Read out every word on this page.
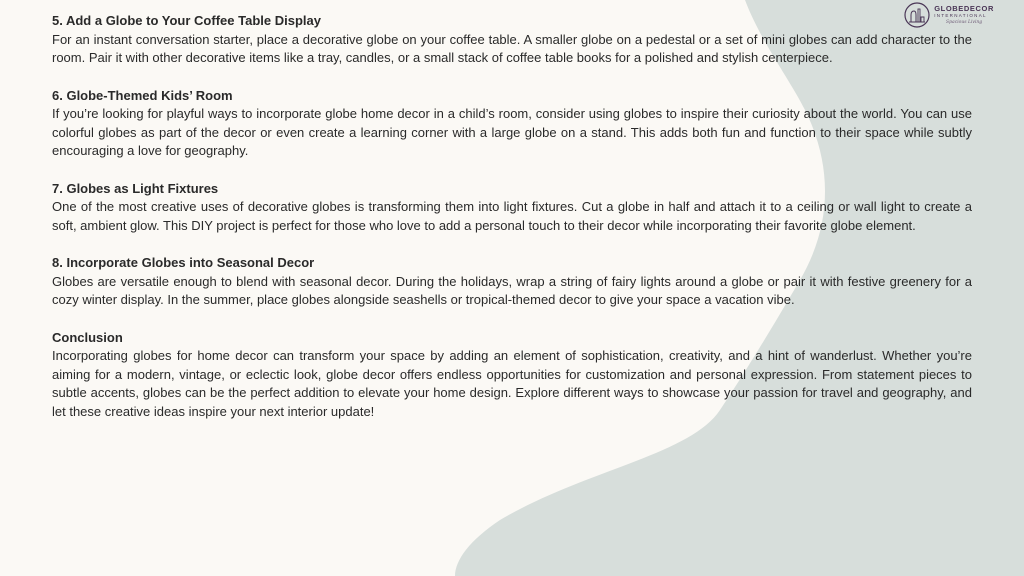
GLOBEDECOR
INTERNATIONAL
Spacious Living

5. Add a Globe to Your Coffee Table Display

For an instant conversation starter, place a decorative globe on your coffee table. A smaller globe on a pedestal or a set of mini globes can add character to the room. Pair it with other decorative items like a tray, candles, or a small stack of coffee table books for a polished and stylish centerpiece.

6. Globe-Themed Kids’ Room

If you’re looking for playful ways to incorporate globe home decor in a child’s room, consider using globes to inspire their curiosity about the world. You can use colorful globes as part of the decor or even create a learning corner with a large globe on a stand. This adds both fun and function to their space while subtly encouraging a love for geography.

7. Globes as Light Fixtures

One of the most creative uses of decorative globes is transforming them into light fixtures. Cut a globe in half and attach it to a ceiling or wall light to create a soft, ambient glow. This DIY project is perfect for those who love to add a personal touch to their decor while incorporating their favorite globe element.

8. Incorporate Globes into Seasonal Decor

Globes are versatile enough to blend with seasonal decor. During the holidays, wrap a string of fairy lights around a globe or pair it with festive greenery for a cozy winter display. In the summer, place globes alongside seashells or tropical-themed decor to give your space a vacation vibe.

Conclusion

Incorporating globes for home decor can transform your space by adding an element of sophistication, creativity, and a hint of wanderlust. Whether you’re aiming for a modern, vintage, or eclectic look, globe decor offers endless opportunities for customization and personal expression. From statement pieces to subtle accents, globes can be the perfect addition to elevate your home design. Explore different ways to showcase your passion for travel and geography, and let these creative ideas inspire your next interior update!
